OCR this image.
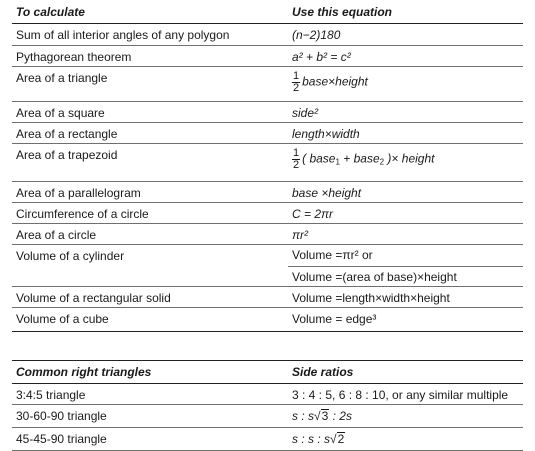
To calculate	Use this equation
Sum of all interior angles of any polygon	(n−2)180
Pythagorean theorem	a² + b² = c²
Area of a triangle	$\frac{1}{2}$ base×height
Area of a square	side²
Area of a rectangle	length×width
Area of a trapezoid	$\frac{1}{2}$ ( base1 + base2 )× height
Area of a parallelogram	base ×height
Circumference of a circle	C = 2πr
Area of a circle	πr²
Volume of a cylinder	Volume =πr² or
Volume =(area of base)×height
Volume of a rectangular solid	Volume =length×width×height
Volume of a cube	Volume = edge³
Common right triangles	Side ratios
3:4:5 triangle	3 : 4 : 5, 6 : 8 : 10, or any similar multiple
30-60-90 triangle	s : s√3 : 2s
45-45-90 triangle	s : s : s√2
